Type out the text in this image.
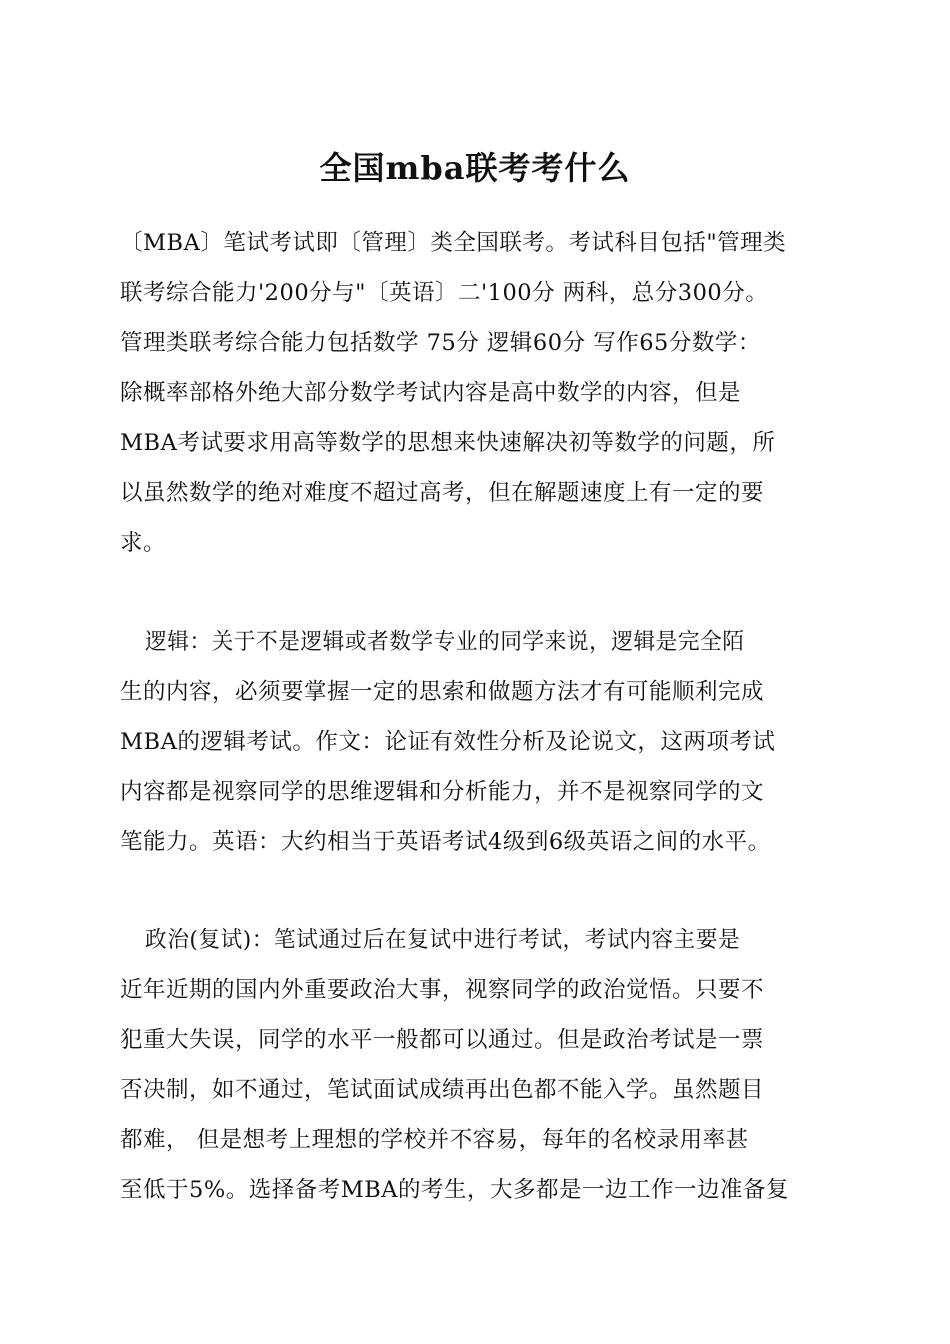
全国mba联考考什么
〔MBA〕笔试考试即〔管理〕类全国联考。考试科目包括"管理类
联考综合能力'200分与"〔英语〕二'100分 两科，总分300分。
管理类联考综合能力包括数学 75分 逻辑60分 写作65分数学：
除概率部格外绝大部分数学考试内容是高中数学的内容，但是
MBA考试要求用高等数学的思想来快速解决初等数学的问题，所
以虽然数学的绝对难度不超过高考，但在解题速度上有一定的要
求。
逻辑：关于不是逻辑或者数学专业的同学来说，逻辑是完全陌
生的内容，必须要掌握一定的思索和做题方法才有可能顺利完成
MBA的逻辑考试。作文：论证有效性分析及论说文，这两项考试
内容都是视察同学的思维逻辑和分析能力，并不是视察同学的文
笔能力。英语：大约相当于英语考试4级到6级英语之间的水平。
政治(复试)：笔试通过后在复试中进行考试，考试内容主要是
近年近期的国内外重要政治大事，视察同学的政治觉悟。只要不
犯重大失误，同学的水平一般都可以通过。但是政治考试是一票
否决制，如不通过，笔试面试成绩再出色都不能入学。虽然题目
都难， 但是想考上理想的学校并不容易，每年的名校录用率甚
至低于5%。选择备考MBA的考生，大多都是一边工作一边准备复
